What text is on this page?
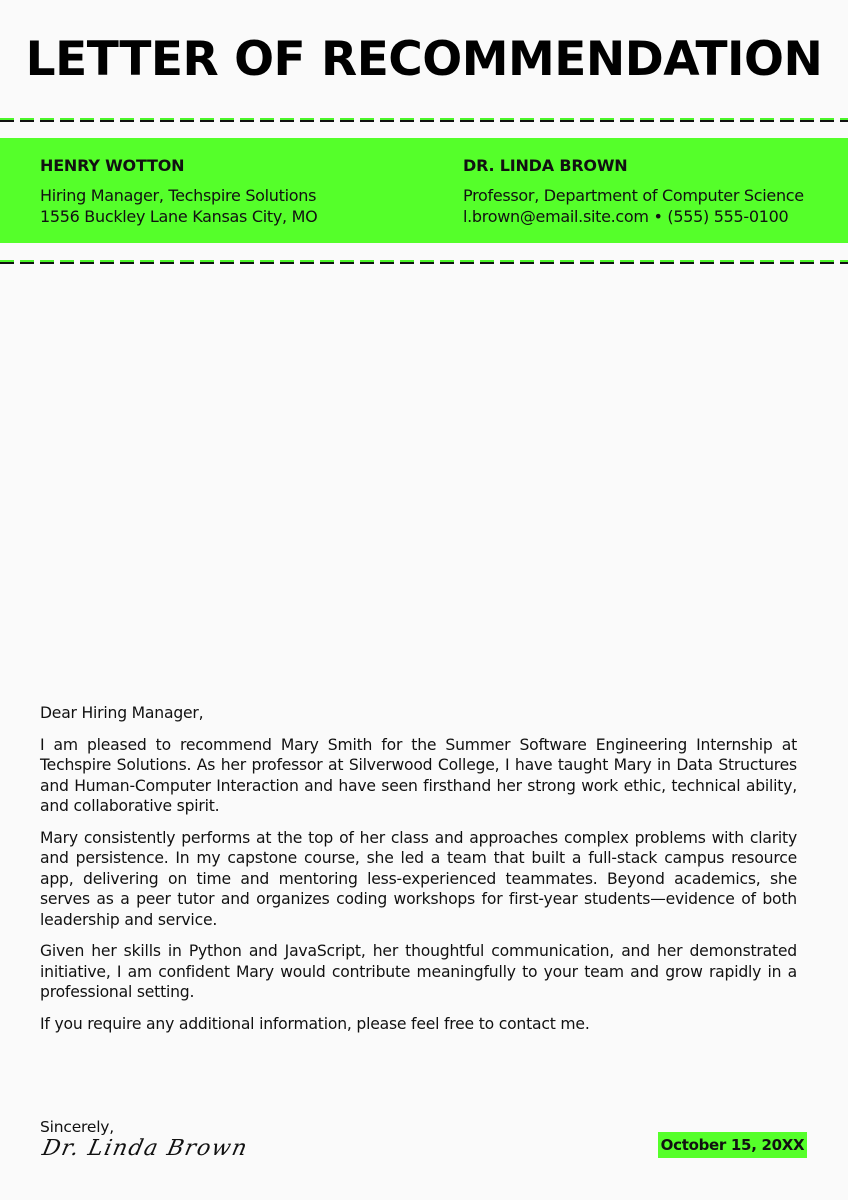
LETTER OF RECOMMENDATION
HENRY WOTTON
Hiring Manager, Techspire Solutions
1556 Buckley Lane Kansas City, MO
DR. LINDA BROWN
Professor, Department of Computer Science
l.brown@email.site.com • (555) 555-0100

Dear Hiring Manager,

I am pleased to recommend Mary Smith for the Summer Software Engineering Internship at Techspire Solutions. As her professor at Silverwood College, I have taught Mary in Data Structures and Human-Computer Interaction and have seen firsthand her strong work ethic, technical ability, and collaborative spirit.

Mary consistently performs at the top of her class and approaches complex problems with clarity and persistence. In my capstone course, she led a team that built a full-stack campus resource app, delivering on time and mentoring less-experienced teammates. Beyond academics, she serves as a peer tutor and organizes coding workshops for first-year students—evidence of both leadership and service.

Given her skills in Python and JavaScript, her thoughtful communication, and her demonstrated initiative, I am confident Mary would contribute meaningfully to your team and grow rapidly in a professional setting.

If you require any additional information, please feel free to contact me.

Sincerely,
Dr. Linda Brown	October 15, 20XX
